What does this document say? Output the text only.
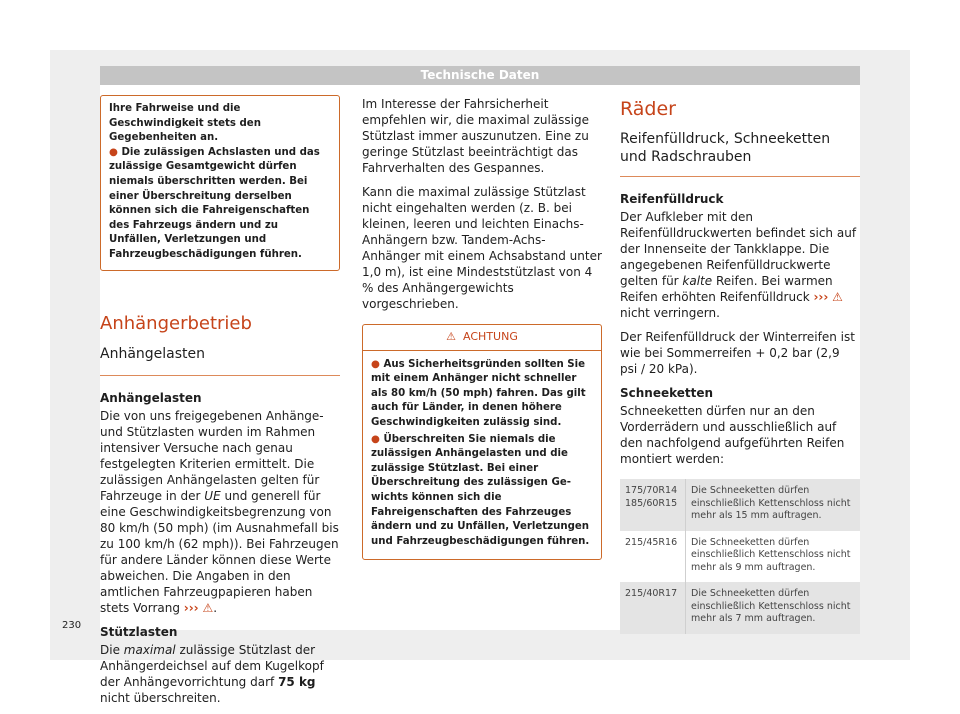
Technische Daten

Ihre Fahrweise und die Geschwindigkeit stets den Gegebenheiten an.

● Die zulässigen Achslasten und das zulässige Gesamtgewicht dürfen niemals überschritten werden. Bei einer Überschreitung derselben können sich die Fahreigenschaften des Fahrzeugs ändern und zu Unfällen, Verletzungen und Fahrzeugbeschädigungen führen.

Anhängerbetrieb
Anhängelasten
Anhängelasten

Die von uns freigegebenen Anhänge- und Stützlasten wurden im Rahmen intensiver Versuche nach genau festgelegten Kriterien ermittelt. Die zulässigen Anhängelasten gelten für Fahrzeuge in der UE und generell für eine Geschwindigkeitsbegrenzung von 80 km/h (50 mph) (im Ausnahmefall bis zu 100 km/h (62 mph)). Bei Fahrzeugen für andere Länder können diese Werte abweichen. Die Angaben in den amtlichen Fahrzeugpapieren haben stets Vorrang ››› ⚠.

Stützlasten

Die maximal zulässige Stützlast der Anhängerdeichsel auf dem Kugelkopf der Anhängevorrichtung darf 75 kg nicht überschreiten.

Im Interesse der Fahrsicherheit empfehlen wir, die maximal zulässige Stützlast immer auszunutzen. Eine zu geringe Stützlast beeinträchtigt das Fahrverhalten des Gespannes.

Kann die maximal zulässige Stützlast nicht eingehalten werden (z. B. bei kleinen, leeren und leichten Einachs-Anhängern bzw. Tandem-Achs-Anhänger mit einem Achsabstand unter 1,0 m), ist eine Mindeststützlast von 4 % des Anhängergewichts vorgeschrieben.

⚠ ACHTUNG

● Aus Sicherheitsgründen sollten Sie mit einem Anhänger nicht schneller als 80 km/h (50 mph) fahren. Das gilt auch für Länder, in denen höhere Geschwindigkeiten zulässig sind.

● Überschreiten Sie niemals die zulässigen Anhängelasten und die zulässige Stützlast. Bei einer Überschreitung des zulässigen Gewichts können sich die Fahreigenschaften des Fahrzeuges ändern und zu Unfällen, Verletzungen und Fahrzeugbeschädigungen führen.

Räder
Reifenfülldruck, Schneeketten und Radschrauben
Reifenfülldruck

Der Aufkleber mit den Reifenfülldruckwerten befindet sich auf der Innenseite der Tankklappe. Die angegebenen Reifenfülldruckwerte gelten für kalte Reifen. Bei warmen Reifen erhöhten Reifenfülldruck ››› ⚠ nicht verringern.

Der Reifenfülldruck der Winterreifen ist wie bei Sommerreifen + 0,2 bar (2,9 psi / 20 kPa).

Schneeketten

Schneeketten dürfen nur an den Vorderrädern und ausschließlich auf den nachfolgend aufgeführten Reifen montiert werden:

175/70R14
185/60R15	Die Schneeketten dürfen einschließlich Kettenschloss nicht mehr als 15 mm auftragen.

215/45R16	Die Schneeketten dürfen einschließlich Kettenschloss nicht mehr als 9 mm auftragen.

215/40R17	Die Schneeketten dürfen einschließlich Kettenschloss nicht mehr als 7 mm auftragen.
230
